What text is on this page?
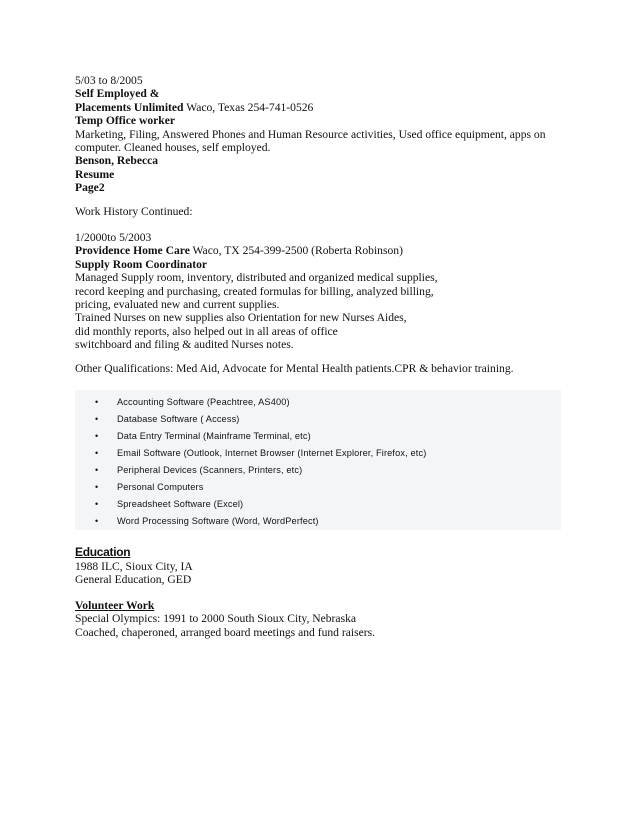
5/03 to 8/2005
Self Employed &
Placements Unlimited Waco, Texas 254-741-0526
Temp Office worker
Marketing, Filing, Answered Phones and Human Resource activities, Used office equipment, apps on
computer. Cleaned houses, self employed.
Benson, Rebecca
Resume
Page2
Work History Continued:
1/2000to 5/2003
Providence Home Care Waco, TX 254-399-2500 (Roberta Robinson)
Supply Room Coordinator
Managed Supply room, inventory, distributed and organized medical supplies,
record keeping and purchasing, created formulas for billing, analyzed billing,
pricing, evaluated new and current supplies.
Trained Nurses on new supplies also Orientation for new Nurses Aides,
did monthly reports, also helped out in all areas of office
switchboard and filing & audited Nurses notes.
Other Qualifications: Med Aid, Advocate for Mental Health patients.CPR & behavior training.
•	Accounting Software (Peachtree, AS400)
•	Database Software ( Access)
•	Data Entry Terminal (Mainframe Terminal, etc)
•	Email Software (Outlook, Internet Browser (Internet Explorer, Firefox, etc)
•	Peripheral Devices (Scanners, Printers, etc)
•	Personal Computers
•	Spreadsheet Software (Excel)
•	Word Processing Software (Word, WordPerfect)
Education
1988 ILC, Sioux City, IA
General Education, GED
Volunteer Work
Special Olympics: 1991 to 2000 South Sioux City, Nebraska
Coached, chaperoned, arranged board meetings and fund raisers.
